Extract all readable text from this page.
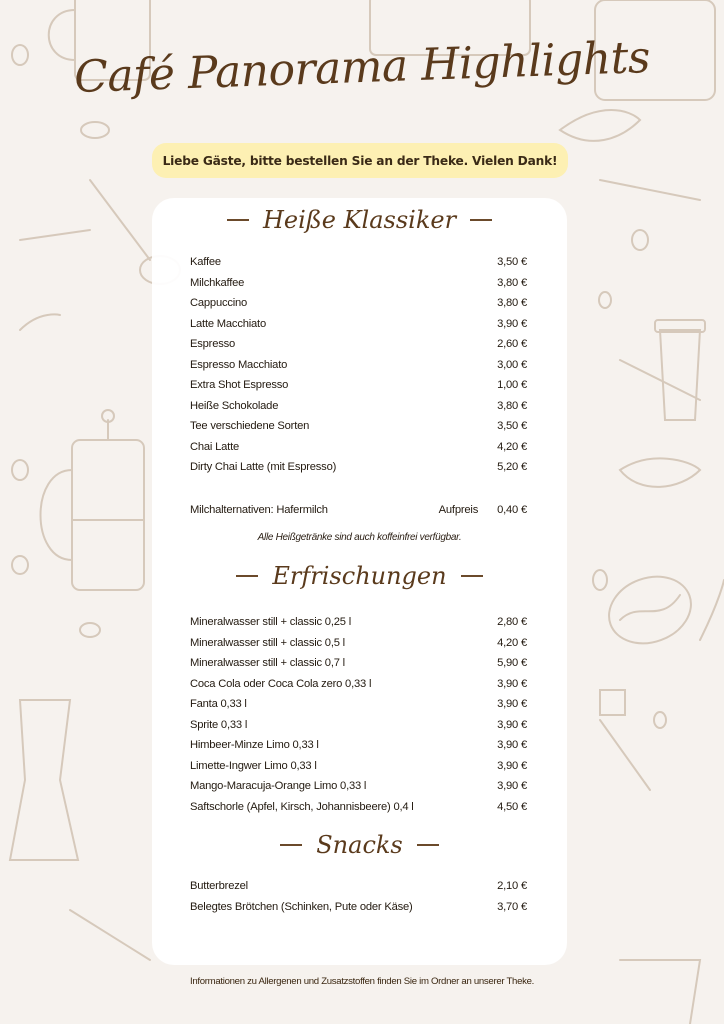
Café Panorama Highlights
Liebe Gäste, bitte bestellen Sie an der Theke. Vielen Dank!
Heiße Klassiker
Kaffee	3,50 €
Milchkaffee	3,80 €
Cappuccino	3,80 €
Latte Macchiato	3,90 €
Espresso	2,60 €
Espresso Macchiato	3,00 €
Extra Shot Espresso	1,00 €
Heiße Schokolade	3,80 €
Tee verschiedene Sorten	3,50 €
Chai Latte	4,20 €
Dirty Chai Latte (mit Espresso)	5,20 €
Milchalternativen: Hafermilch	Aufpreis 0,40 €
Alle Heißgetränke sind auch koffeinfrei verfügbar.
Erfrischungen
Mineralwasser still + classic 0,25 l	2,80 €
Mineralwasser still + classic 0,5 l	4,20 €
Mineralwasser still + classic 0,7 l	5,90 €
Coca Cola oder Coca Cola zero 0,33 l	3,90 €
Fanta 0,33 l	3,90 €
Sprite 0,33 l	3,90 €
Himbeer-Minze Limo 0,33 l	3,90 €
Limette-Ingwer Limo 0,33 l	3,90 €
Mango-Maracuja-Orange Limo 0,33 l	3,90 €
Saftschorle (Apfel, Kirsch, Johannisbeere) 0,4 l	4,50 €
Snacks
Butterbrezel	2,10 €
Belegtes Brötchen (Schinken, Pute oder Käse)	3,70 €
Informationen zu Allergenen und Zusatzstoffen finden Sie im Ordner an unserer Theke.
